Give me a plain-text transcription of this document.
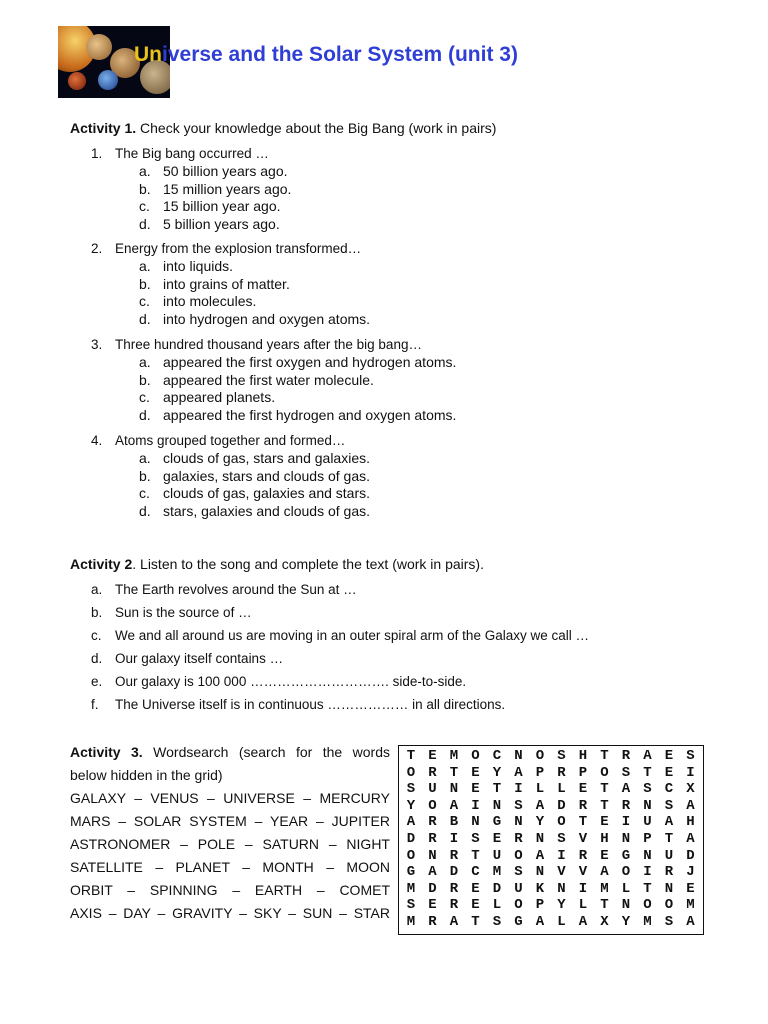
Universe and the Solar System (unit 3)
Activity 1. Check your knowledge about the Big Bang (work in pairs)
1. The Big bang occurred …
a. 50 billion years ago.
b. 15 million years ago.
c. 15 billion year ago.
d. 5 billion years ago.
2. Energy from the explosion transformed…
a. into liquids.
b. into grains of matter.
c. into molecules.
d. into hydrogen and oxygen atoms.
3. Three hundred thousand years after the big bang…
a. appeared the first oxygen and hydrogen atoms.
b. appeared the first water molecule.
c. appeared planets.
d. appeared the first hydrogen and oxygen atoms.
4. Atoms grouped together and formed…
a. clouds of gas, stars and galaxies.
b. galaxies, stars and clouds of gas.
c. clouds of gas, galaxies and stars.
d. stars, galaxies and clouds of gas.
Activity 2. Listen to the song and complete the text (work in pairs).
a. The Earth revolves around the Sun at …
b. Sun is the source of …
c. We and all around us are moving in an outer spiral arm of the Galaxy we call …
d. Our galaxy itself contains …
e. Our galaxy is 100 000 …………………………. side-to-side.
f. The Universe itself is in continuous ……………… in all directions.
Activity 3. Wordsearch (search for the words
below hidden in the grid)
GALAXY – VENUS – UNIVERSE – MERCURY
MARS – SOLAR SYSTEM – YEAR – JUPITER
ASTRONOMER – POLE – SATURN – NIGHT
SATELLITE – PLANET – MONTH – MOON
ORBIT – SPINNING – EARTH – COMET
AXIS – DAY – GRAVITY – SKY – SUN – STAR
T E M O C N O S H T R A E S
O R T E Y A P R P O S T E I
S U N E T I L L E T A S C X
Y O A I N S A D R T R N S A
A R B N G N Y O T E I U A H
D R I S E R N S V H N P T A
O N R T U O A I R E G N U D
G A D C M S N V V A O I R J
M D R E D U K N I M L T N E
S E R E L O P Y L T N O O M
M R A T S G A L A X Y M S A
